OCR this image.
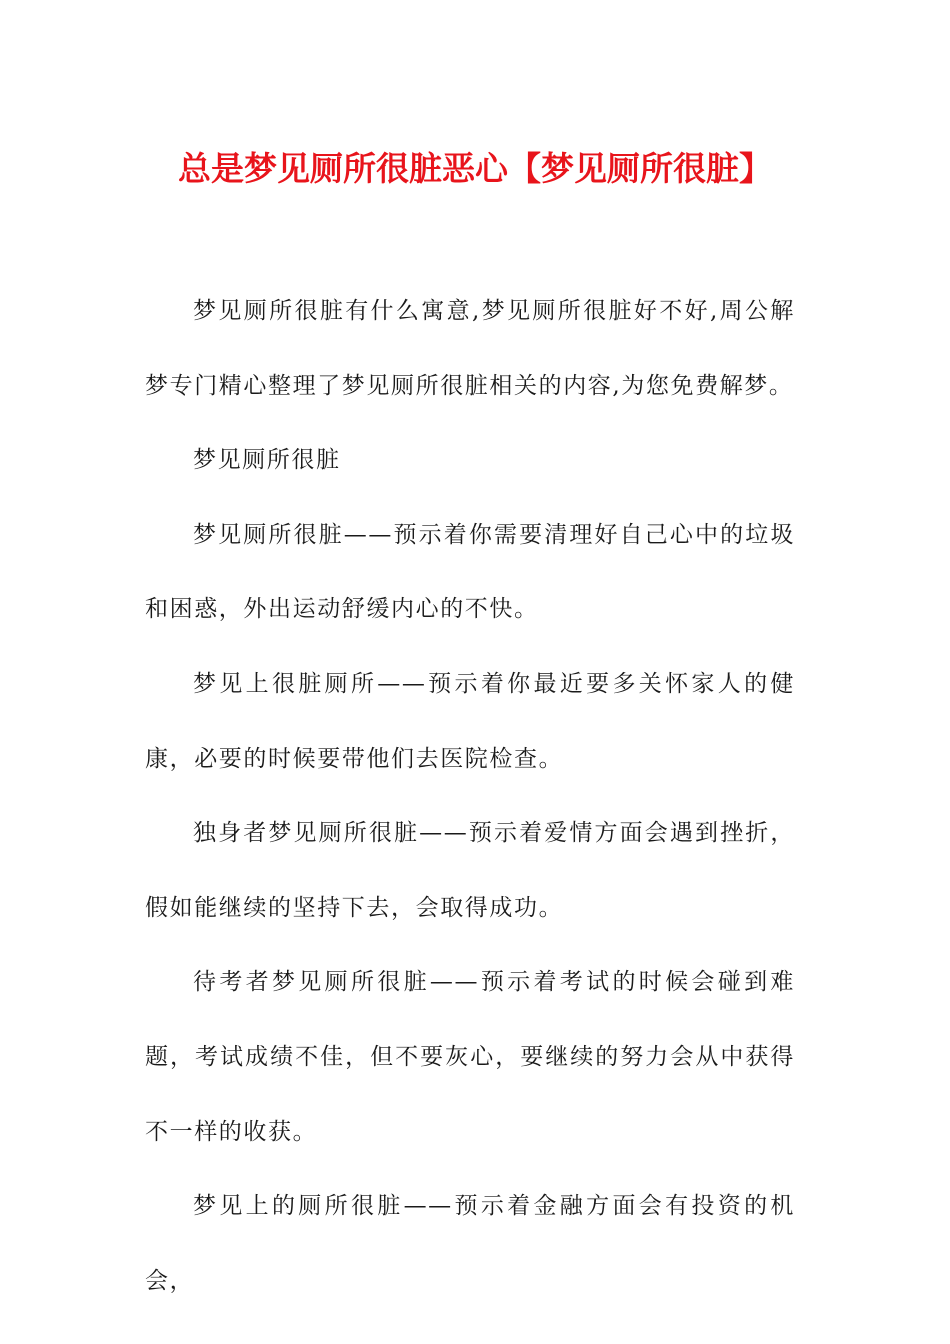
总是梦见厕所很脏恶心【梦见厕所很脏】

梦见厕所很脏有什么寓意,梦见厕所很脏好不好,周公解梦专门精心整理了梦见厕所很脏相关的内容,为您免费解梦。

梦见厕所很脏

梦见厕所很脏——预示着你需要清理好自己心中的垃圾和困惑，外出运动舒缓内心的不快。

梦见上很脏厕所——预示着你最近要多关怀家人的健康，必要的时候要带他们去医院检查。

独身者梦见厕所很脏——预示着爱情方面会遇到挫折，假如能继续的坚持下去，会取得成功。

待考者梦见厕所很脏——预示着考试的时候会碰到难题，考试成绩不佳，但不要灰心，要继续的努力会从中获得不一样的收获。

梦见上的厕所很脏——预示着金融方面会有投资的机会，
